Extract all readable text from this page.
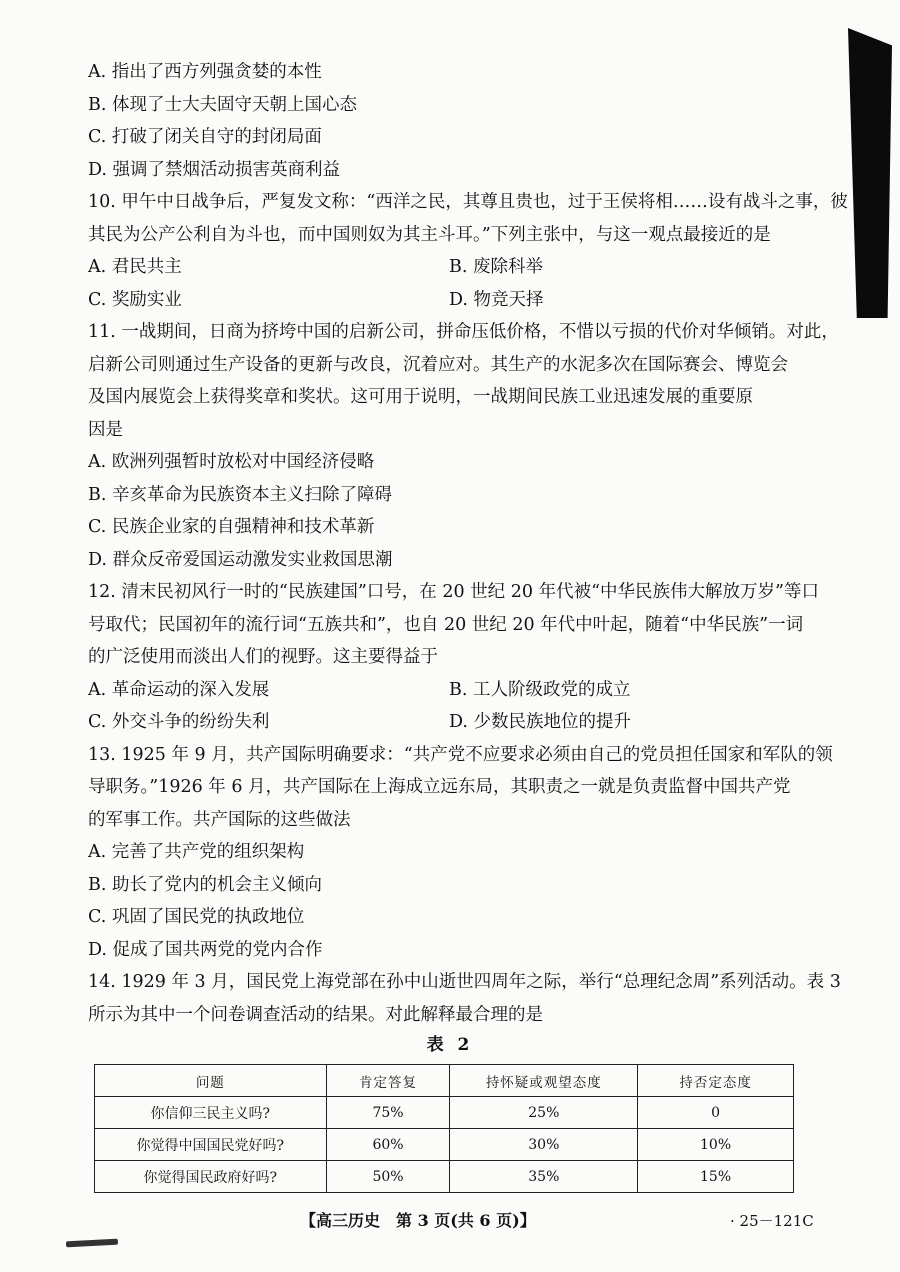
A. 指出了西方列强贪婪的本性
B. 体现了士大夫固守天朝上国心态
C. 打破了闭关自守的封闭局面
D. 强调了禁烟活动损害英商利益
10. 甲午中日战争后，严复发文称：“西洋之民，其尊且贵也，过于王侯将相……设有战斗之事，彼
其民为公产公利自为斗也，而中国则奴为其主斗耳。”下列主张中，与这一观点最接近的是
A. 君民共主	B. 废除科举
C. 奖励实业	D. 物竞天择
11. 一战期间，日商为挤垮中国的启新公司，拼命压低价格，不惜以亏损的代价对华倾销。对此，
启新公司则通过生产设备的更新与改良，沉着应对。其生产的水泥多次在国际赛会、博览会
及国内展览会上获得奖章和奖状。这可用于说明，一战期间民族工业迅速发展的重要原
因是
A. 欧洲列强暂时放松对中国经济侵略
B. 辛亥革命为民族资本主义扫除了障碍
C. 民族企业家的自强精神和技术革新
D. 群众反帝爱国运动激发实业救国思潮
12. 清末民初风行一时的“民族建国”口号，在 20 世纪 20 年代被“中华民族伟大解放万岁”等口
号取代；民国初年的流行词“五族共和”，也自 20 世纪 20 年代中叶起，随着“中华民族”一词
的广泛使用而淡出人们的视野。这主要得益于
A. 革命运动的深入发展	B. 工人阶级政党的成立
C. 外交斗争的纷纷失利	D. 少数民族地位的提升
13. 1925 年 9 月，共产国际明确要求：“共产党不应要求必须由自己的党员担任国家和军队的领
导职务。”1926 年 6 月，共产国际在上海成立远东局，其职责之一就是负责监督中国共产党
的军事工作。共产国际的这些做法
A. 完善了共产党的组织架构
B. 助长了党内的机会主义倾向
C. 巩固了国民党的执政地位
D. 促成了国共两党的党内合作
14. 1929 年 3 月，国民党上海党部在孙中山逝世四周年之际，举行“总理纪念周”系列活动。表 3
所示为其中一个问卷调查活动的结果。对此解释最合理的是
表 2
问题	肯定答复	持怀疑或观望态度	持否定态度
你信仰三民主义吗?	75%	25%	0
你觉得中国国民党好吗?	60%	30%	10%
你觉得国民政府好吗?	50%	35%	15%
【高三历史　第 3 页(共 6 页)】	· 25－121C
